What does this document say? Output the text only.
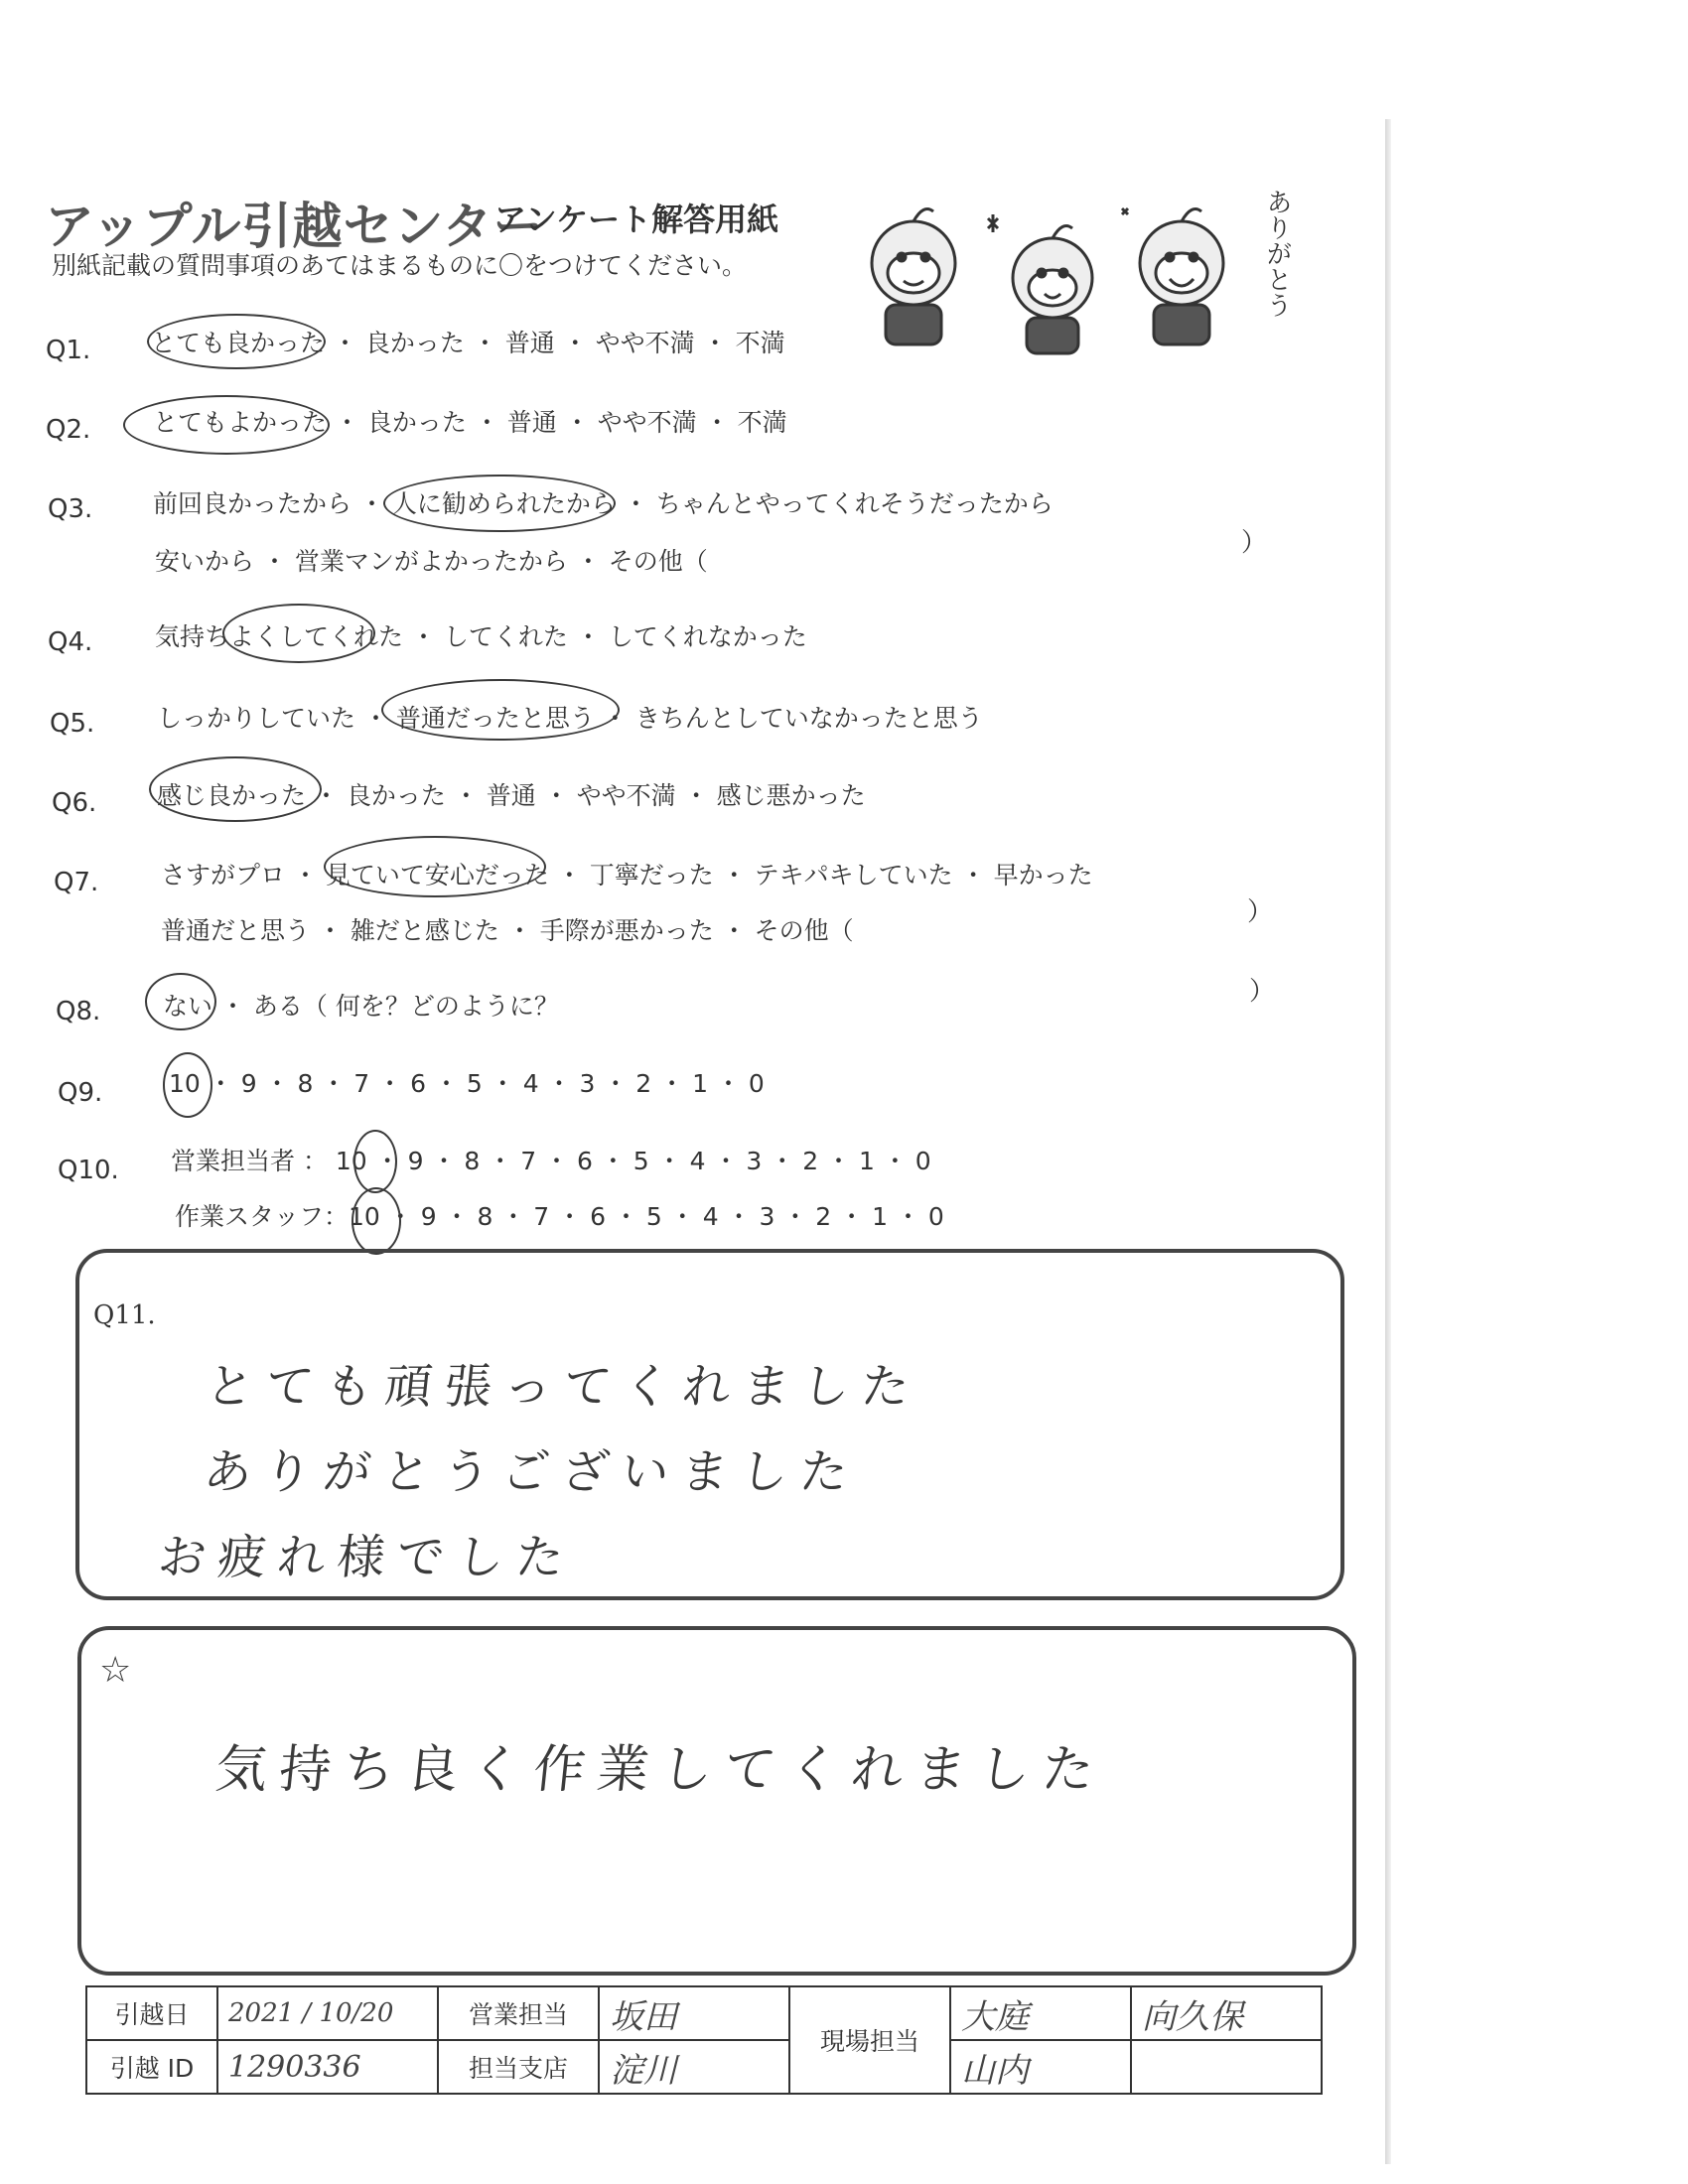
アップル引越センター
アンケート解答用紙
別紙記載の質問事項のあてはまるものに〇をつけてください。	ありがとう
Q1. とても良かった ・ 良かった ・ 普通 ・ やや不満 ・ 不満
Q2.	とてもよかった ・ 良かった ・ 普通 ・ やや不満 ・ 不満
Q3. 前回良かったから ・ 人に勧められたから ・ ちゃんとやってくれそうだったから
安いから ・ 営業マンがよかったから ・ その他（
）
Q4.	気持ちよくしてくれた ・ してくれた ・ してくれなかった
Q5.	しっかりしていた ・ 普通だったと思う ・ きちんとしていなかったと思う
Q6. 感じ良かった ・ 良かった ・ 普通 ・ やや不満 ・ 感じ悪かった
Q7.	さすがプロ ・ 見ていて安心だった ・ 丁寧だった ・ テキパキしていた ・ 早かった
普通だと思う ・ 雑だと感じた ・ 手際が悪かった ・ その他（
）
Q8.	ない ・ ある（ 何を？どのように？	）
Q9.	10 ・ 9 ・ 8 ・ 7 ・ 6 ・ 5 ・ 4 ・ 3 ・ 2 ・ 1 ・ 0
Q10. 営業担当者 ： 10 ・ 9 ・ 8 ・ 7 ・ 6 ・ 5 ・ 4 ・ 3 ・ 2 ・ 1 ・ 0
作業スタッフ：10 ・ 9 ・ 8 ・ 7 ・ 6 ・ 5 ・ 4 ・ 3 ・ 2 ・ 1 ・ 0
Q11.
とても頑張ってくれました
ありがとうございました
お疲れ様でした
☆
気持ち良く作業してくれました
引越日	2021 / 10/20	営業担当	坂田	現場担当	大庭	向久保
引越 ID	1290336	担当支店	淀川		山内	
